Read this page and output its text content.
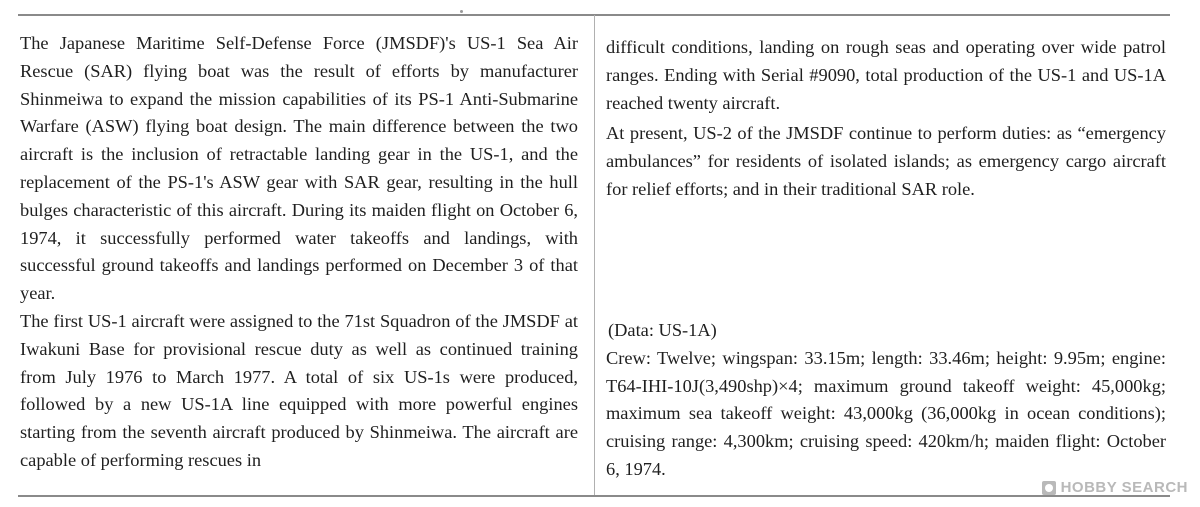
The Japanese Maritime Self-Defense Force (JMSDF)'s US-1 Sea Air Rescue (SAR) flying boat was the result of efforts by manufacturer Shinmeiwa to expand the mission capabilities of its PS-1 Anti-Submarine Warfare (ASW) flying boat design. The main difference between the two aircraft is the inclusion of retractable landing gear in the US-1, and the replacement of the PS-1's ASW gear with SAR gear, resulting in the hull bulges characteristic of this aircraft. During its maiden flight on October 6, 1974, it successfully performed water takeoffs and landings, with successful ground takeoffs and landings performed on December 3 of that year.

The first US-1 aircraft were assigned to the 71st Squadron of the JMSDF at Iwakuni Base for provisional rescue duty as well as continued training from July 1976 to March 1977. A total of six US-1s were produced, followed by a new US-1A line equipped with more powerful engines starting from the seventh aircraft produced by Shinmeiwa. The aircraft are capable of performing rescues in

difficult conditions, landing on rough seas and operating over wide patrol ranges. Ending with Serial #9090, total production of the US-1 and US-1A reached twenty aircraft.

At present, US-2 of the JMSDF continue to perform duties: as “emergency ambulances” for residents of isolated islands; as emergency cargo aircraft for relief efforts; and in their traditional SAR role.

(Data: US-1A)

Crew: Twelve; wingspan: 33.15m; length: 33.46m; height: 9.95m; engine: T64-IHI-10J(3,490shp)×4; maximum ground takeoff weight: 45,000kg; maximum sea takeoff weight: 43,000kg (36,000kg in ocean conditions); cruising range: 4,300km; cruising speed: 420km/h; maiden flight: October 6, 1974.

HOBBY SEARCH
